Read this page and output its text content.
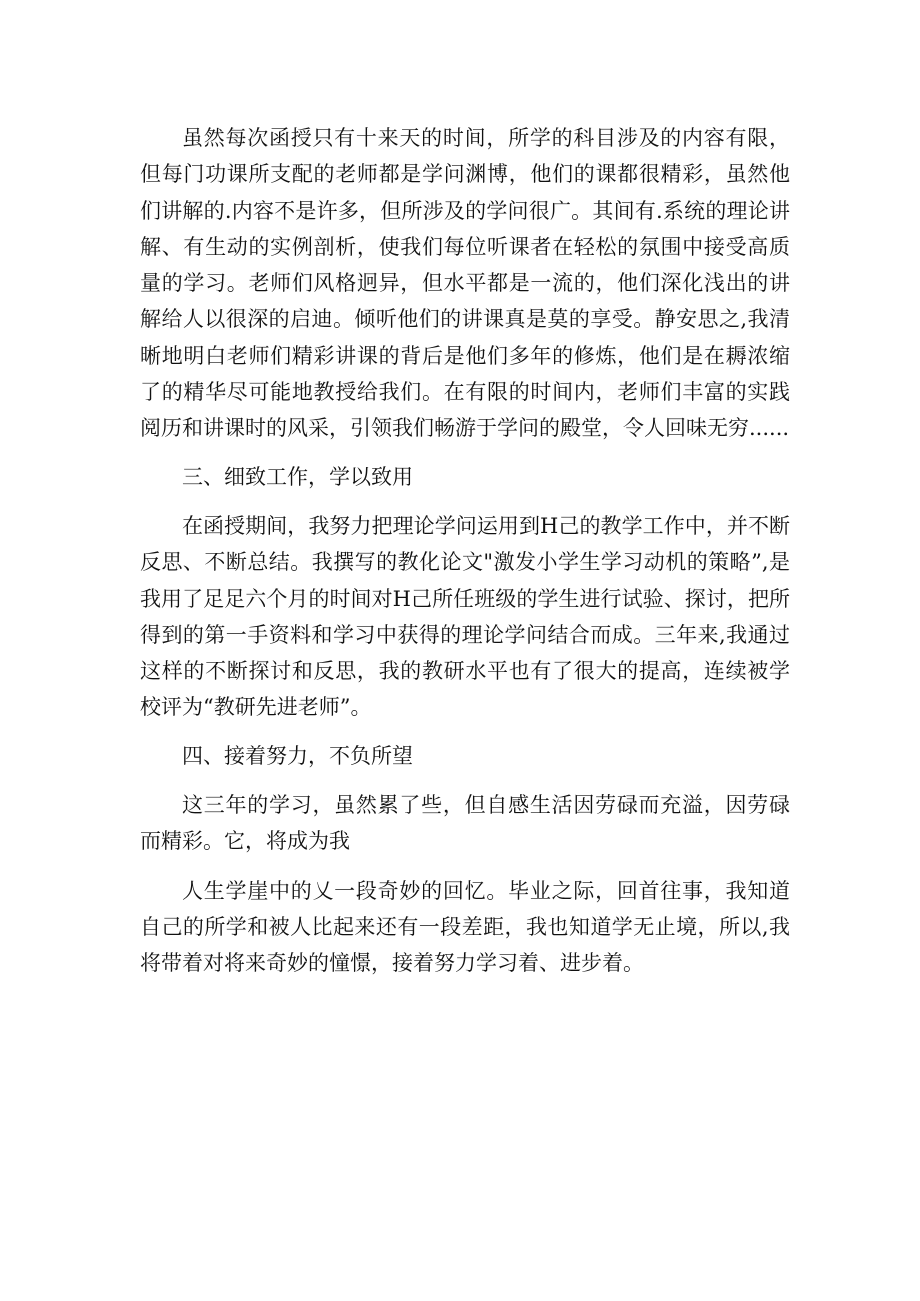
虽然每次函授只有十来天的时间，所学的科目涉及的内容有限，但每门功课所支配的老师都是学问渊博，他们的课都很精彩，虽然他们讲解的.内容不是许多，但所涉及的学问很广。其间有.系统的理论讲解、有生动的实例剖析，使我们每位听课者在轻松的氛围中接受高质量的学习。老师们风格迥异，但水平都是一流的，他们深化浅出的讲解给人以很深的启迪。倾听他们的讲课真是莫的享受。静安思之,我清晰地明白老师们精彩讲课的背后是他们多年的修炼，他们是在耨浓缩了的精华尽可能地教授给我们。在有限的时间内，老师们丰富的实践阅历和讲课时的风采，引领我们畅游于学问的殿堂，令人回味无穷......

三、细致工作，学以致用

在函授期间，我努力把理论学问运用到H己的教学工作中，并不断反思、不断总结。我撰写的教化论文"激发小学生学习动机的策略”,是我用了足足六个月的时间对H己所任班级的学生进行试验、探讨，把所得到的第一手资料和学习中获得的理论学问结合而成。三年来,我通过这样的不断探讨和反思，我的教研水平也有了很大的提高，连续被学校评为“教研先进老师”。

四、接着努力，不负所望

这三年的学习，虽然累了些，但自感生活因劳碌而充溢，因劳碌而精彩。它，将成为我

人生学崖中的乂一段奇妙的回忆。毕业之际，回首往事，我知道自己的所学和被人比起来还有一段差距，我也知道学无止境，所以,我将带着对将来奇妙的憧憬，接着努力学习着、进步着。
